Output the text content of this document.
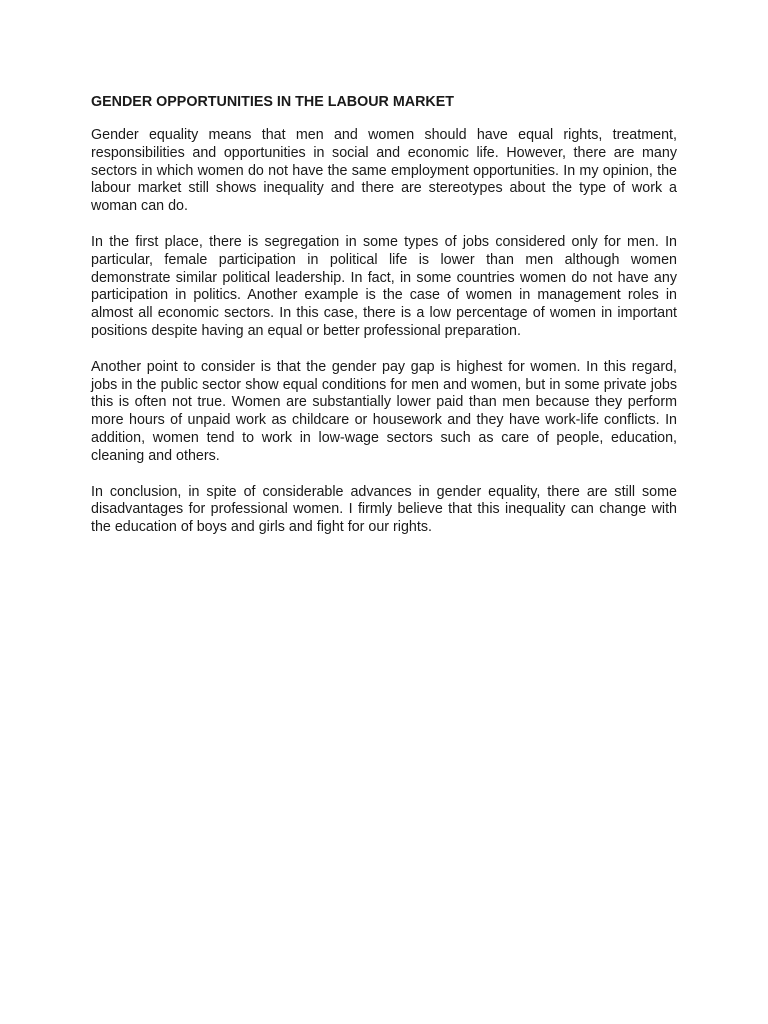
GENDER OPPORTUNITIES IN THE LABOUR MARKET

Gender equality means that men and women should have equal rights, treatment, responsibilities and opportunities in social and economic life. However, there are many sectors in which women do not have the same employment opportunities. In my opinion, the labour market still shows inequality and there are stereotypes about the type of work a woman can do.

In the first place, there is segregation in some types of jobs considered only for men. In particular, female participation in political life is lower than men although women demonstrate similar political leadership. In fact, in some countries women do not have any participation in politics. Another example is the case of women in management roles in almost all economic sectors. In this case, there is a low percentage of women in important positions despite having an equal or better professional preparation.

Another point to consider is that the gender pay gap is highest for women. In this regard, jobs in the public sector show equal conditions for men and women, but in some private jobs this is often not true. Women are substantially lower paid than men because they perform more hours of unpaid work as childcare or housework and they have work-life conflicts. In addition, women tend to work in low-wage sectors such as care of people, education, cleaning and others.

In conclusion, in spite of considerable advances in gender equality, there are still some disadvantages for professional women. I firmly believe that this inequality can change with the education of boys and girls and fight for our rights.
